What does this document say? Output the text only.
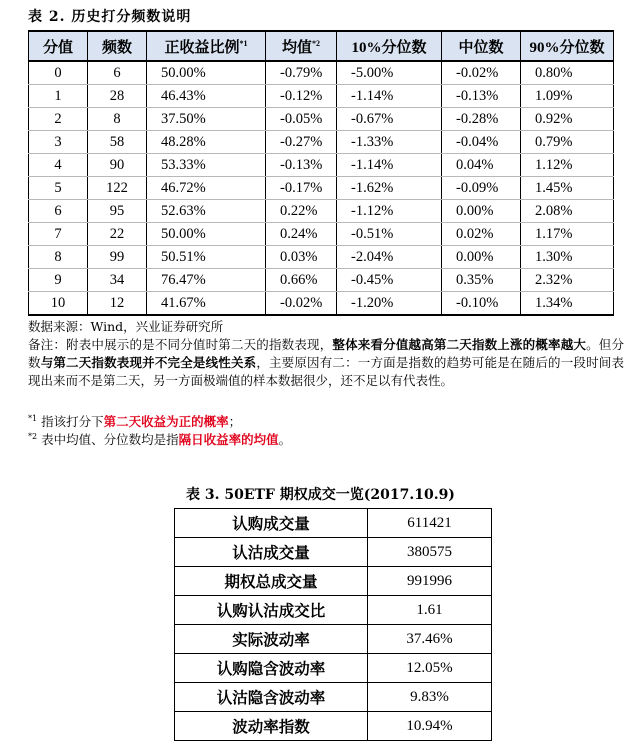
表 2. 历史打分频数说明
分值	频数	正收益比例$^{*1}$	均值$^{*2}$	10%分位数	中位数	90%分位数
0	6	50.00%	-0.79%	-5.00%	-0.02%	0.80%
1	28	46.43%	-0.12%	-1.14%	-0.13%	1.09%
2	8	37.50%	-0.05%	-0.67%	-0.28%	0.92%
3	58	48.28%	-0.27%	-1.33%	-0.04%	0.79%
4	90	53.33%	-0.13%	-1.14%	0.04%	1.12%
5	122	46.72%	-0.17%	-1.62%	-0.09%	1.45%
6	95	52.63%	0.22%	-1.12%	0.00%	2.08%
7	22	50.00%	0.24%	-0.51%	0.02%	1.17%
8	99	50.51%	0.03%	-2.04%	0.00%	1.30%
9	34	76.47%	0.66%	-0.45%	0.35%	2.32%
10	12	41.67%	-0.02%	-1.20%	-0.10%	1.34%
数据来源：Wind，兴业证券研究所
备注：附表中展示的是不同分值时第二天的指数表现，整体来看分值越高第二天指数上涨的概率越大。但分数与第二天指数表现并不完全是线性关系，主要原因有二：一方面是指数的趋势可能是在随后的一段时间表现出来而不是第二天，另一方面极端值的样本数据很少，还不足以有代表性。
$^{*1}$ 指该打分下第二天收益为正的概率；
$^{*2}$ 表中均值、分位数均是指隔日收益率的均值。
表 3. 50ETF 期权成交一览(2017.10.9)
认购成交量	611421
认沽成交量	380575
期权总成交量	991996
认购认沽成交比	1.61
实际波动率	37.46%
认购隐含波动率	12.05%
认沽隐含波动率	9.83%
波动率指数	10.94%
